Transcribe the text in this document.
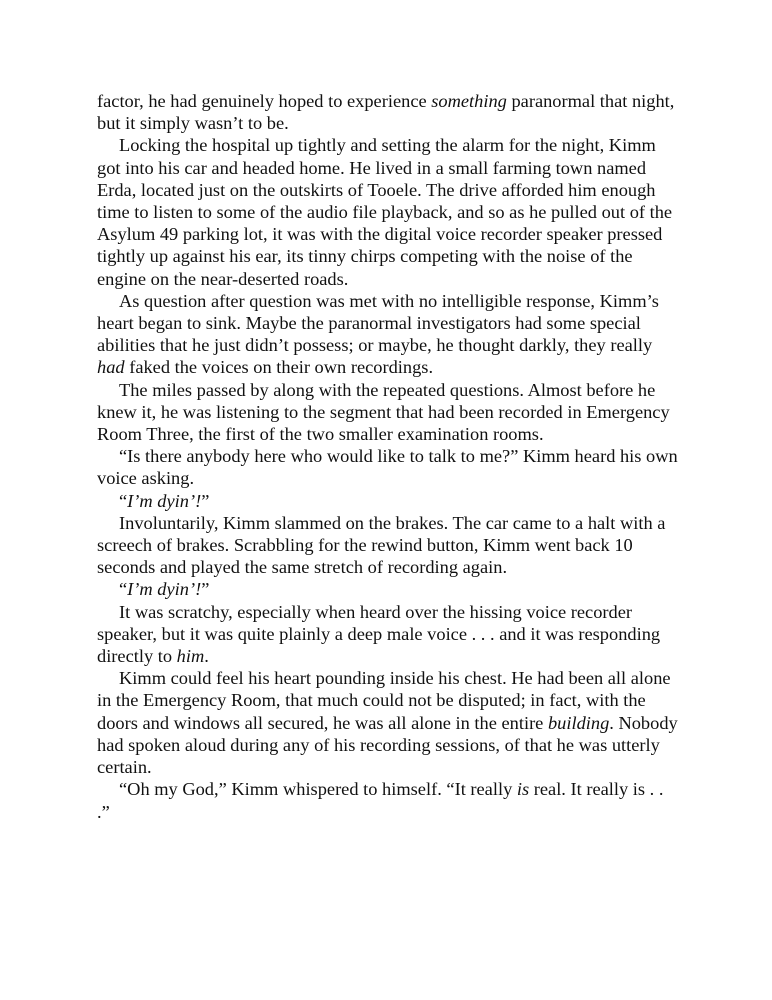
factor, he had genuinely hoped to experience something paranormal that night, but it simply wasn’t to be.

Locking the hospital up tightly and setting the alarm for the night, Kimm got into his car and headed home. He lived in a small farming town named Erda, located just on the outskirts of Tooele. The drive afforded him enough time to listen to some of the audio file playback, and so as he pulled out of the Asylum 49 parking lot, it was with the digital voice recorder speaker pressed tightly up against his ear, its tinny chirps competing with the noise of the engine on the near-deserted roads.

As question after question was met with no intelligible response, Kimm’s heart began to sink. Maybe the paranormal investigators had some special abilities that he just didn’t possess; or maybe, he thought darkly, they really had faked the voices on their own recordings.

The miles passed by along with the repeated questions. Almost before he knew it, he was listening to the segment that had been recorded in Emergency Room Three, the first of the two smaller examination rooms.

“Is there anybody here who would like to talk to me?” Kimm heard his own voice asking.

“I’m dyin’!”

Involuntarily, Kimm slammed on the brakes. The car came to a halt with a screech of brakes. Scrabbling for the rewind button, Kimm went back 10 seconds and played the same stretch of recording again.

“I’m dyin’!”

It was scratchy, especially when heard over the hissing voice recorder speaker, but it was quite plainly a deep male voice . . . and it was responding directly to him.

Kimm could feel his heart pounding inside his chest. He had been all alone in the Emergency Room, that much could not be disputed; in fact, with the doors and windows all secured, he was all alone in the entire building. Nobody had spoken aloud during any of his recording sessions, of that he was utterly certain.

“Oh my God,” Kimm whispered to himself. “It really is real. It really is . . .”
